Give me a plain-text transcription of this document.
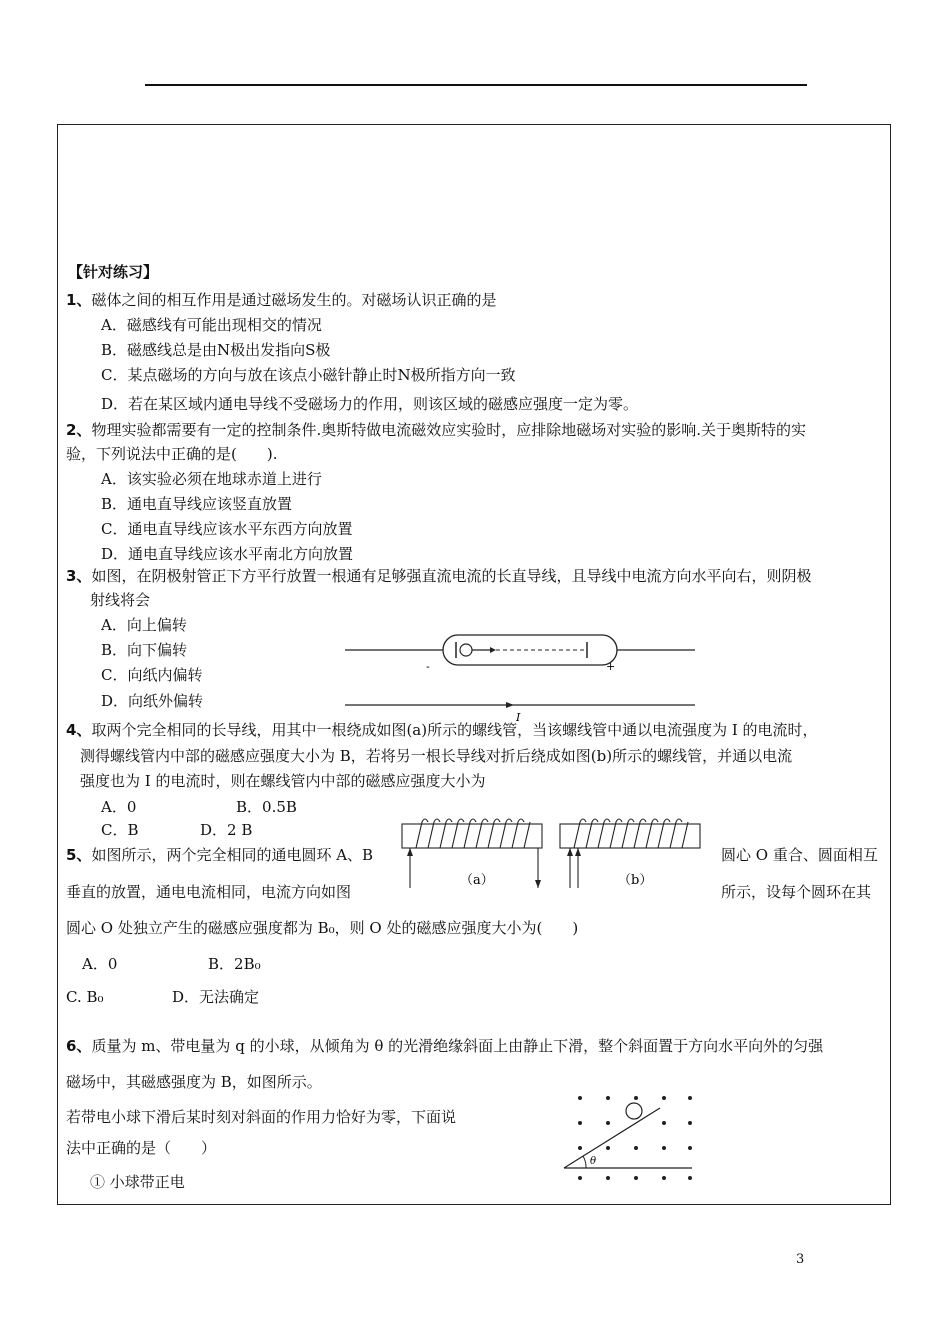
【针对练习】
1、磁体之间的相互作用是通过磁场发生的。对磁场认识正确的是
A．磁感线有可能出现相交的情况
B．磁感线总是由N极出发指向S极
C．某点磁场的方向与放在该点小磁针静止时N极所指方向一致
D．若在某区域内通电导线不受磁场力的作用，则该区域的磁感应强度一定为零。
2、物理实验都需要有一定的控制条件.奥斯特做电流磁效应实验时，应排除地磁场对实验的影响.关于奥斯特的实
验，下列说法中正确的是(　　).
A．该实验必须在地球赤道上进行
B．通电直导线应该竖直放置
C．通电直导线应该水平东西方向放置
D．通电直导线应该水平南北方向放置
3、如图，在阴极射管正下方平行放置一根通有足够强直流电流的长直导线，且导线中电流方向水平向右，则阴极
射线将会
A．向上偏转
B．向下偏转
C．向纸内偏转
D．向纸外偏转
-	+
I
4、取两个完全相同的长导线，用其中一根绕成如图(a)所示的螺线管，当该螺线管中通以电流强度为 I 的电流时，
测得螺线管内中部的磁感应强度大小为 B，若将另一根长导线对折后绕成如图(b)所示的螺线管，并通以电流
强度也为 I 的电流时，则在螺线管内中部的磁感应强度大小为
A．0	B．0.5B
C．B	D．2 B
（a）	（b）
5、如图所示，两个完全相同的通电圆环 A、B	圆心 O 重合、圆面相互
垂直的放置，通电电流相同，电流方向如图	所示，设每个圆环在其
圆心 O 处独立产生的磁感应强度都为 B₀，则 O 处的磁感应强度大小为(　　)
A．0	B．2B₀
C. B₀	D．无法确定
6、质量为 m、带电量为 q 的小球，从倾角为 θ 的光滑绝缘斜面上由静止下滑，整个斜面置于方向水平向外的匀强
磁场中，其磁感强度为 B，如图所示。
若带电小球下滑后某时刻对斜面的作用力恰好为零，下面说
法中正确的是（　　）
① 小球带正电
θ
3
